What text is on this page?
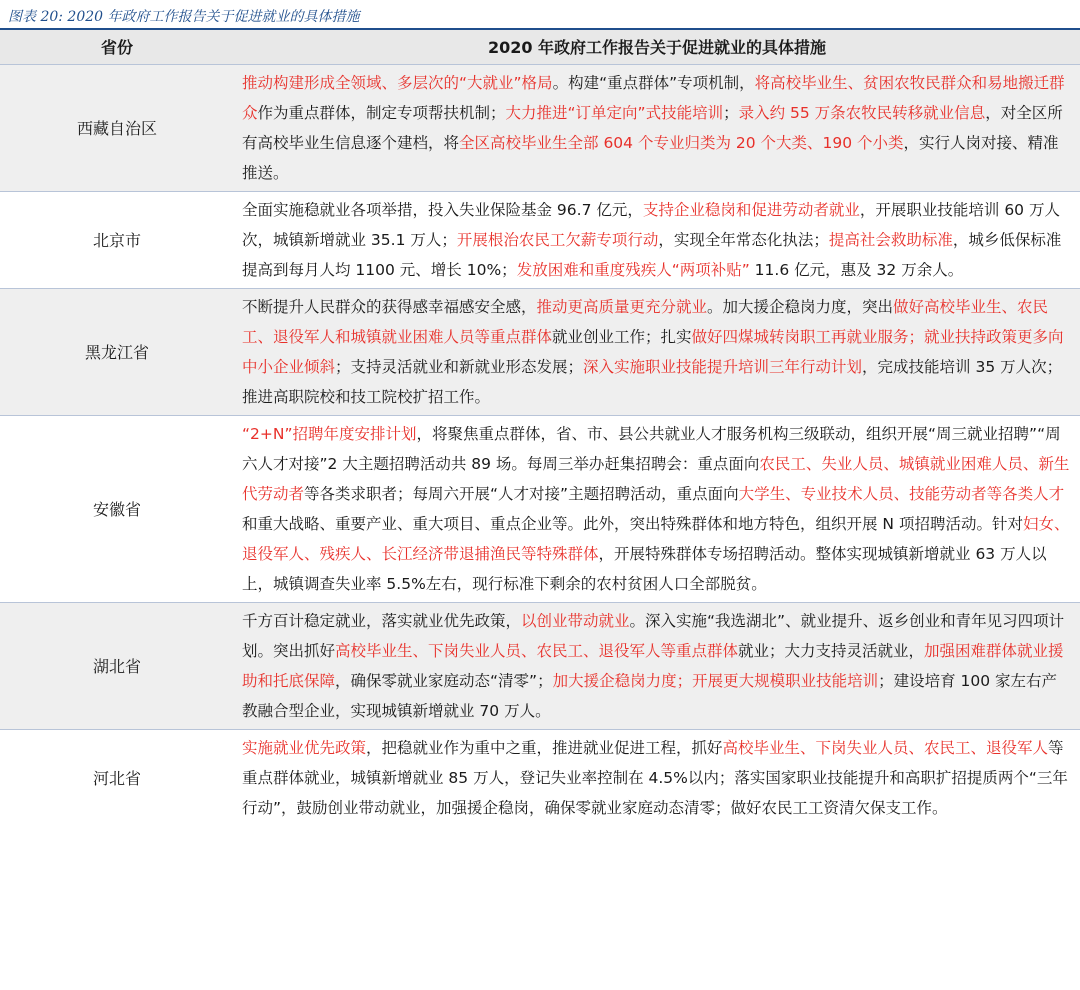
图表 20: 2020 年政府工作报告关于促进就业的具体措施
省份	2020 年政府工作报告关于促进就业的具体措施
西藏自治区	推动构建形成全领域、多层次的“大就业”格局。构建“重点群体”专项机制，将高校毕业生、贫困农牧民群众和易地搬迁群众作为重点群体，制定专项帮扶机制；大力推进“订单定向”式技能培训；录入约 55 万条农牧民转移就业信息，对全区所有高校毕业生信息逐个建档，将全区高校毕业生全部 604 个专业归类为 20 个大类、190 个小类，实行人岗对接、精准推送。
北京市	全面实施稳就业各项举措，投入失业保险基金 96.7 亿元，支持企业稳岗和促进劳动者就业，开展职业技能培训 60 万人次，城镇新增就业 35.1 万人；开展根治农民工欠薪专项行动，实现全年常态化执法；提高社会救助标准，城乡低保标准提高到每月人均 1100 元、增长 10%；发放困难和重度残疾人“两项补贴” 11.6 亿元，惠及 32 万余人。
黑龙江省	不断提升人民群众的获得感幸福感安全感，推动更高质量更充分就业。加大援企稳岗力度，突出做好高校毕业生、农民工、退役军人和城镇就业困难人员等重点群体就业创业工作；扎实做好四煤城转岗职工再就业服务；就业扶持政策更多向中小企业倾斜；支持灵活就业和新就业形态发展；深入实施职业技能提升培训三年行动计划，完成技能培训 35 万人次；推进高职院校和技工院校扩招工作。
安徽省	“2+N”招聘年度安排计划，将聚焦重点群体，省、市、县公共就业人才服务机构三级联动，组织开展“周三就业招聘”“周六人才对接”2 大主题招聘活动共 89 场。每周三举办赶集招聘会：重点面向农民工、失业人员、城镇就业困难人员、新生代劳动者等各类求职者；每周六开展“人才对接”主题招聘活动，重点面向大学生、专业技术人员、技能劳动者等各类人才和重大战略、重要产业、重大项目、重点企业等。此外，突出特殊群体和地方特色，组织开展 N 项招聘活动。针对妇女、退役军人、残疾人、长江经济带退捕渔民等特殊群体，开展特殊群体专场招聘活动。整体实现城镇新增就业 63 万人以上，城镇调查失业率 5.5%左右，现行标准下剩余的农村贫困人口全部脱贫。
湖北省	千方百计稳定就业，落实就业优先政策，以创业带动就业。深入实施“我选湖北”、就业提升、返乡创业和青年见习四项计划。突出抓好高校毕业生、下岗失业人员、农民工、退役军人等重点群体就业；大力支持灵活就业，加强困难群体就业援助和托底保障，确保零就业家庭动态“清零”；加大援企稳岗力度；开展更大规模职业技能培训；建设培育 100 家左右产教融合型企业，实现城镇新增就业 70 万人。
河北省	实施就业优先政策，把稳就业作为重中之重，推进就业促进工程，抓好高校毕业生、下岗失业人员、农民工、退役军人等重点群体就业，城镇新增就业 85 万人，登记失业率控制在 4.5%以内；落实国家职业技能提升和高职扩招提质两个“三年行动”，鼓励创业带动就业，加强援企稳岗，确保零就业家庭动态清零；做好农民工工资清欠保支工作。
